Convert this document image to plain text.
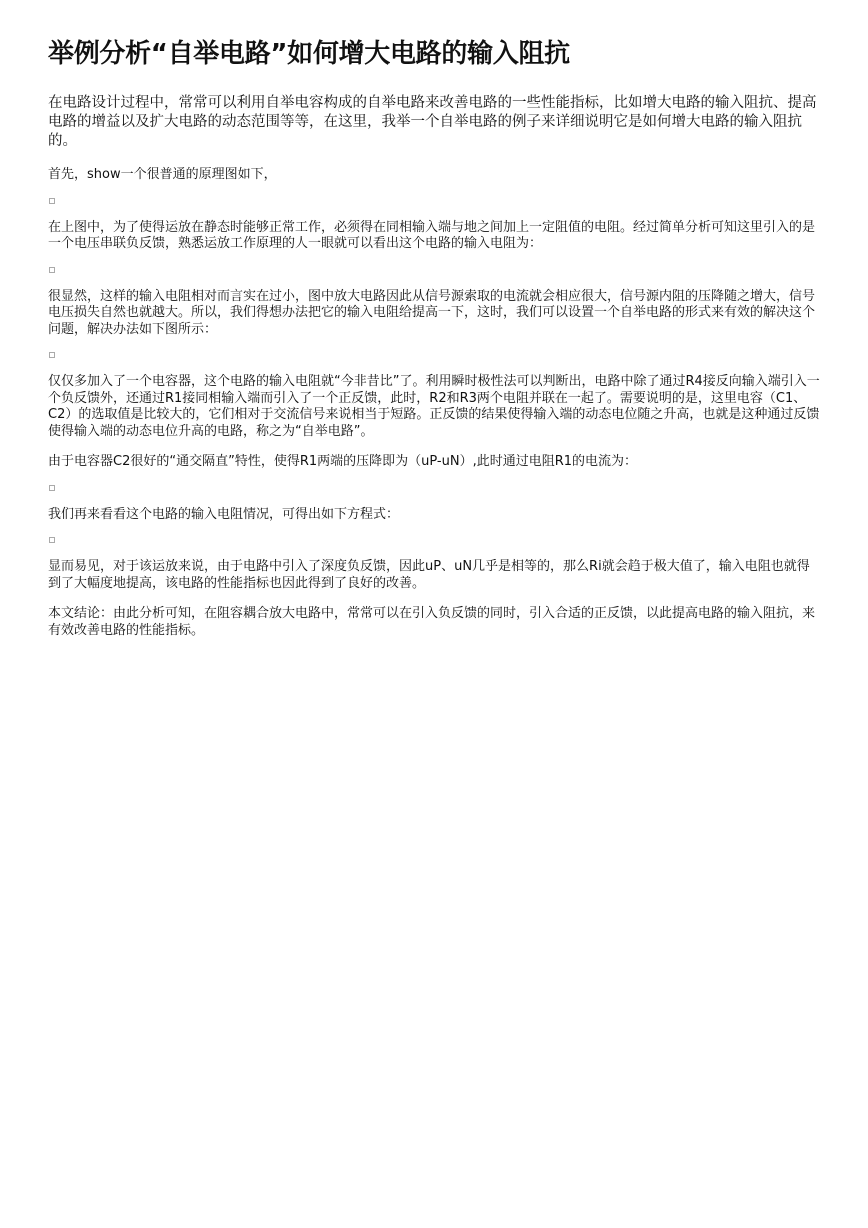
举例分析“自举电路”如何增大电路的输入阻抗

在电路设计过程中，常常可以利用自举电容构成的自举电路来改善电路的一些性能指标，比如增大电路的输入阻抗、提高电路的增益以及扩大电路的动态范围等等，在这里，我举一个自举电路的例子来详细说明它是如何增大电路的输入阻抗的。

首先，show一个很普通的原理图如下，

在上图中，为了使得运放在静态时能够正常工作，必须得在同相输入端与地之间加上一定阻值的电阻。经过简单分析可知这里引入的是一个电压串联负反馈，熟悉运放工作原理的人一眼就可以看出这个电路的输入电阻为：

很显然，这样的输入电阻相对而言实在过小，图中放大电路因此从信号源索取的电流就会相应很大，信号源内阻的压降随之增大，信号电压损失自然也就越大。所以，我们得想办法把它的输入电阻给提高一下，这时，我们可以设置一个自举电路的形式来有效的解决这个问题，解决办法如下图所示：

仅仅多加入了一个电容器，这个电路的输入电阻就“今非昔比”了。利用瞬时极性法可以判断出，电路中除了通过R4接反向输入端引入一个负反馈外，还通过R1接同相输入端而引入了一个正反馈，此时，R2和R3两个电阻并联在一起了。需要说明的是，这里电容（C1、C2）的选取值是比较大的，它们相对于交流信号来说相当于短路。正反馈的结果使得输入端的动态电位随之升高，也就是这种通过反馈使得输入端的动态电位升高的电路，称之为“自举电路”。

由于电容器C2很好的“通交隔直”特性，使得R1两端的压降即为（uP-uN）,此时通过电阻R1的电流为：

我们再来看看这个电路的输入电阻情况，可得出如下方程式：

显而易见，对于该运放来说，由于电路中引入了深度负反馈，因此uP、uN几乎是相等的，那么Ri就会趋于极大值了，输入电阻也就得到了大幅度地提高，该电路的性能指标也因此得到了良好的改善。

本文结论：由此分析可知，在阻容耦合放大电路中，常常可以在引入负反馈的同时，引入合适的正反馈，以此提高电路的输入阻抗，来有效改善电路的性能指标。
